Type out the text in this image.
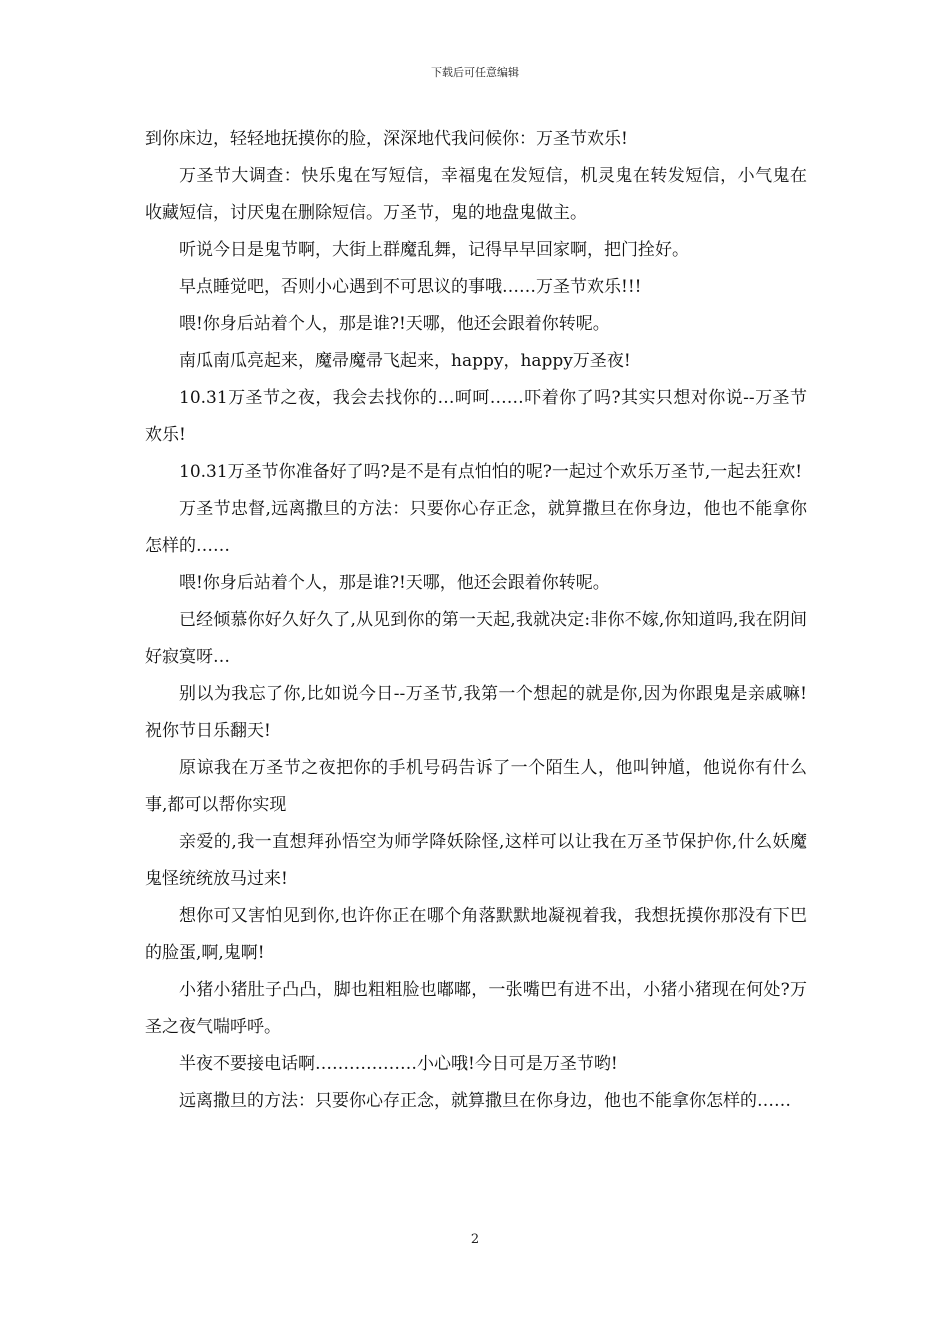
下载后可任意编辑

到你床边，轻轻地抚摸你的脸，深深地代我问候你：万圣节欢乐!

万圣节大调查：快乐鬼在写短信，幸福鬼在发短信，机灵鬼在转发短信，小气鬼在收藏短信，讨厌鬼在删除短信。万圣节，鬼的地盘鬼做主。

听说今日是鬼节啊，大街上群魔乱舞，记得早早回家啊，把门拴好。

早点睡觉吧，否则小心遇到不可思议的事哦……万圣节欢乐!!!

喂!你身后站着个人，那是谁?!天哪，他还会跟着你转呢。

南瓜南瓜亮起来，魔帚魔帚飞起来，happy，happy万圣夜!

10.31万圣节之夜，我会去找你的…呵呵……吓着你了吗?其实只想对你说--万圣节欢乐!

10.31万圣节你准备好了吗?是不是有点怕怕的呢?一起过个欢乐万圣节,一起去狂欢!

万圣节忠督,远离撒旦的方法：只要你心存正念，就算撒旦在你身边，他也不能拿你怎样的……

喂!你身后站着个人，那是谁?!天哪，他还会跟着你转呢。

已经倾慕你好久好久了,从见到你的第一天起,我就决定:非你不嫁,你知道吗,我在阴间好寂寞呀…

别以为我忘了你,比如说今日--万圣节,我第一个想起的就是你,因为你跟鬼是亲戚嘛!祝你节日乐翻天!

原谅我在万圣节之夜把你的手机号码告诉了一个陌生人，他叫钟馗，他说你有什么事,都可以帮你实现

亲爱的,我一直想拜孙悟空为师学降妖除怪,这样可以让我在万圣节保护你,什么妖魔鬼怪统统放马过来!

想你可又害怕见到你,也许你正在哪个角落默默地凝视着我，我想抚摸你那没有下巴的脸蛋,啊,鬼啊!

小猪小猪肚子凸凸，脚也粗粗脸也嘟嘟，一张嘴巴有进不出，小猪小猪现在何处?万圣之夜气喘呼呼。

半夜不要接电话啊………………小心哦!今日可是万圣节哟!

远离撒旦的方法：只要你心存正念，就算撒旦在你身边，他也不能拿你怎样的……

2
